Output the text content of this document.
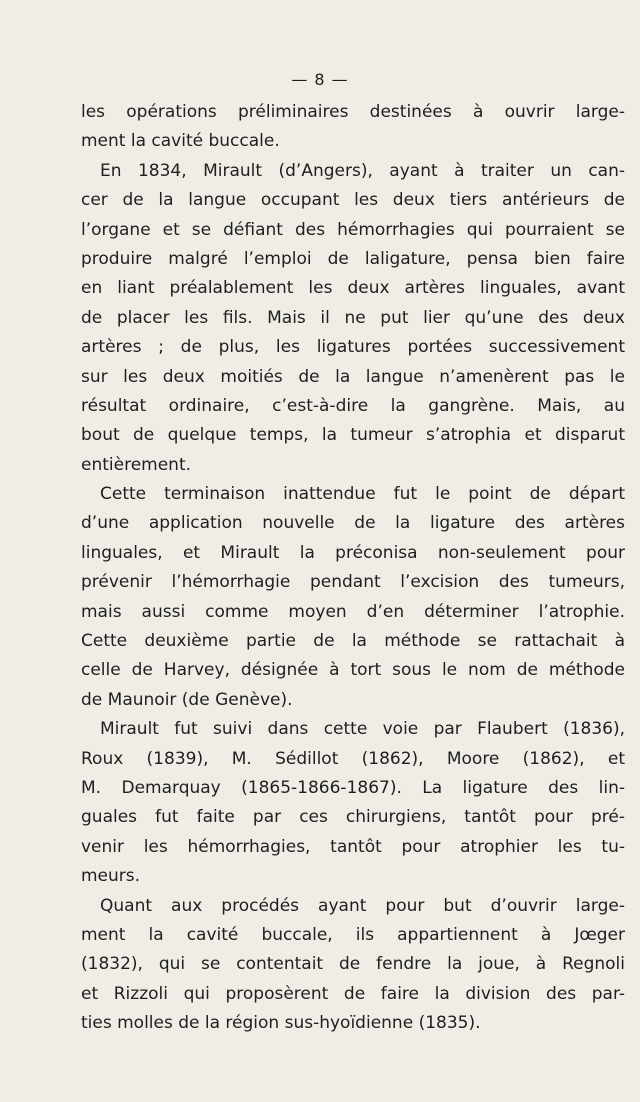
— 8 —
les opérations préliminaires destinées à ouvrir large-
ment la cavité buccale.
En 1834, Mirault (d’Angers), ayant à traiter un can-
cer de la langue occupant les deux tiers antérieurs de
l’organe et se défiant des hémorrhagies qui pourraient se
produire malgré l’emploi de laligature, pensa bien faire
en liant préalablement les deux artères linguales, avant
de placer les fils. Mais il ne put lier qu’une des deux
artères ; de plus, les ligatures portées successivement
sur les deux moitiés de la langue n’amenèrent pas le
résultat ordinaire, c’est-à-dire la gangrène. Mais, au
bout de quelque temps, la tumeur s’atrophia et disparut
entièrement.
Cette terminaison inattendue fut le point de départ
d’une application nouvelle de la ligature des artères
linguales, et Mirault la préconisa non-seulement pour
prévenir l’hémorrhagie pendant l’excision des tumeurs,
mais aussi comme moyen d’en déterminer l’atrophie.
Cette deuxième partie de la méthode se rattachait à
celle de Harvey, désignée à tort sous le nom de méthode
de Maunoir (de Genève).
Mirault fut suivi dans cette voie par Flaubert (1836),
Roux (1839), M. Sédillot (1862), Moore (1862), et
M. Demarquay (1865-1866-1867). La ligature des lin-
guales fut faite par ces chirurgiens, tantôt pour pré-
venir les hémorrhagies, tantôt pour atrophier les tu-
meurs.
Quant aux procédés ayant pour but d’ouvrir large-
ment la cavité buccale, ils appartiennent à Jœger
(1832), qui se contentait de fendre la joue, à Regnoli
et Rizzoli qui proposèrent de faire la division des par-
ties molles de la région sus-hyoïdienne (1835).
